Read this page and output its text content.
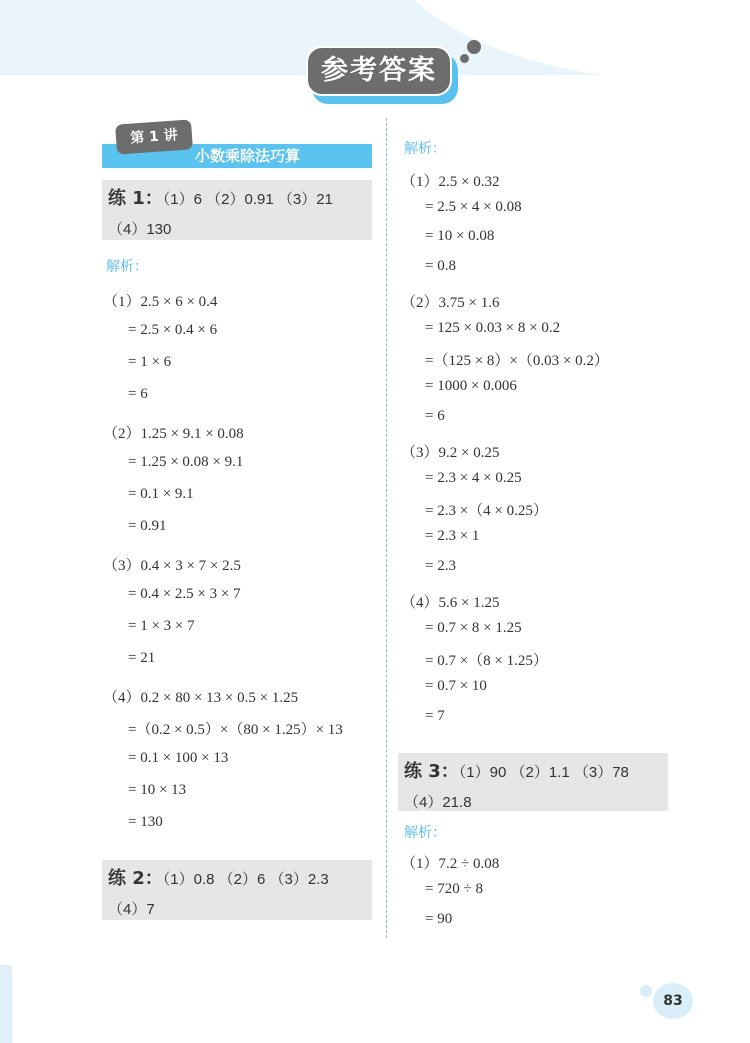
参考答案
第 1 讲
小数乘除法巧算
练 1：（1）6 （2）0.91 （3）21
（4）130
解析：
（1）2.5 × 6 × 0.4
= 2.5 × 0.4 × 6
= 1 × 6
= 6
（2）1.25 × 9.1 × 0.08
= 1.25 × 0.08 × 9.1
= 0.1 × 9.1
= 0.91
（3）0.4 × 3 × 7 × 2.5
= 0.4 × 2.5 × 3 × 7
= 1 × 3 × 7
= 21
（4）0.2 × 80 × 13 × 0.5 × 1.25
=（0.2 × 0.5）×（80 × 1.25）× 13
= 0.1 × 100 × 13
= 10 × 13
= 130
练 2：（1）0.8 （2）6 （3）2.3
（4）7
解析：
（1）2.5 × 0.32
= 2.5 × 4 × 0.08
= 10 × 0.08
= 0.8
（2）3.75 × 1.6
= 125 × 0.03 × 8 × 0.2
=（125 × 8）×（0.03 × 0.2）
= 1000 × 0.006
= 6
（3）9.2 × 0.25
= 2.3 × 4 × 0.25
= 2.3 ×（4 × 0.25）
= 2.3 × 1
= 2.3
（4）5.6 × 1.25
= 0.7 × 8 × 1.25
= 0.7 ×（8 × 1.25）
= 0.7 × 10
= 7
练 3：（1）90 （2）1.1 （3）78
（4）21.8
解析：
（1）7.2 ÷ 0.08
= 720 ÷ 8
= 90
83
